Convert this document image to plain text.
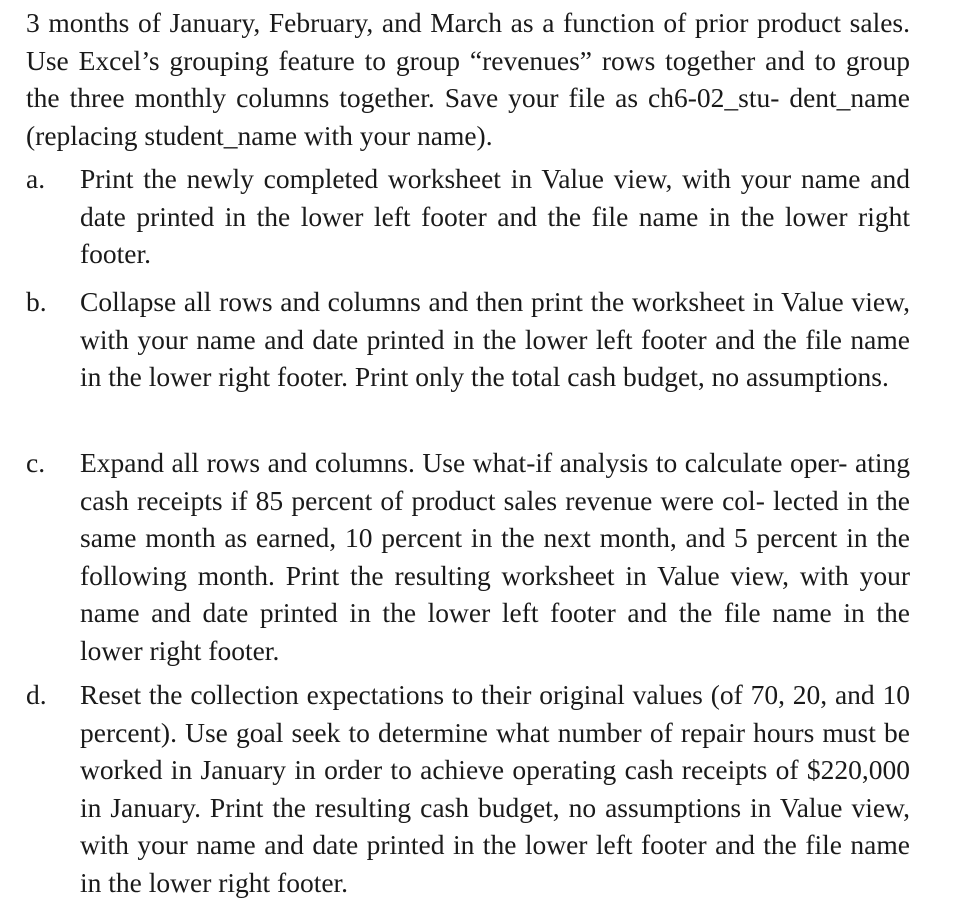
3 months of January, February, and March as a function of prior product sales. Use Excel’s grouping feature to group “revenues” rows together and to group the three monthly columns together. Save your file as ch6-02_stu- dent_name (replacing student_name with your name).

a. Print the newly completed worksheet in Value view, with your name and date printed in the lower left footer and the file name in the lower right footer.
b. Collapse all rows and columns and then print the worksheet in Value view, with your name and date printed in the lower left footer and the file name in the lower right footer. Print only the total cash budget, no assumptions.
c. Expand all rows and columns. Use what-if analysis to calculate oper- ating cash receipts if 85 percent of product sales revenue were col- lected in the same month as earned, 10 percent in the next month, and 5 percent in the following month. Print the resulting worksheet in Value view, with your name and date printed in the lower left footer and the file name in the lower right footer.
d. Reset the collection expectations to their original values (of 70, 20, and 10 percent). Use goal seek to determine what number of repair hours must be worked in January in order to achieve operating cash receipts of $220,000 in January. Print the resulting cash budget, no assumptions in Value view, with your name and date printed in the lower left footer and the file name in the lower right footer.
